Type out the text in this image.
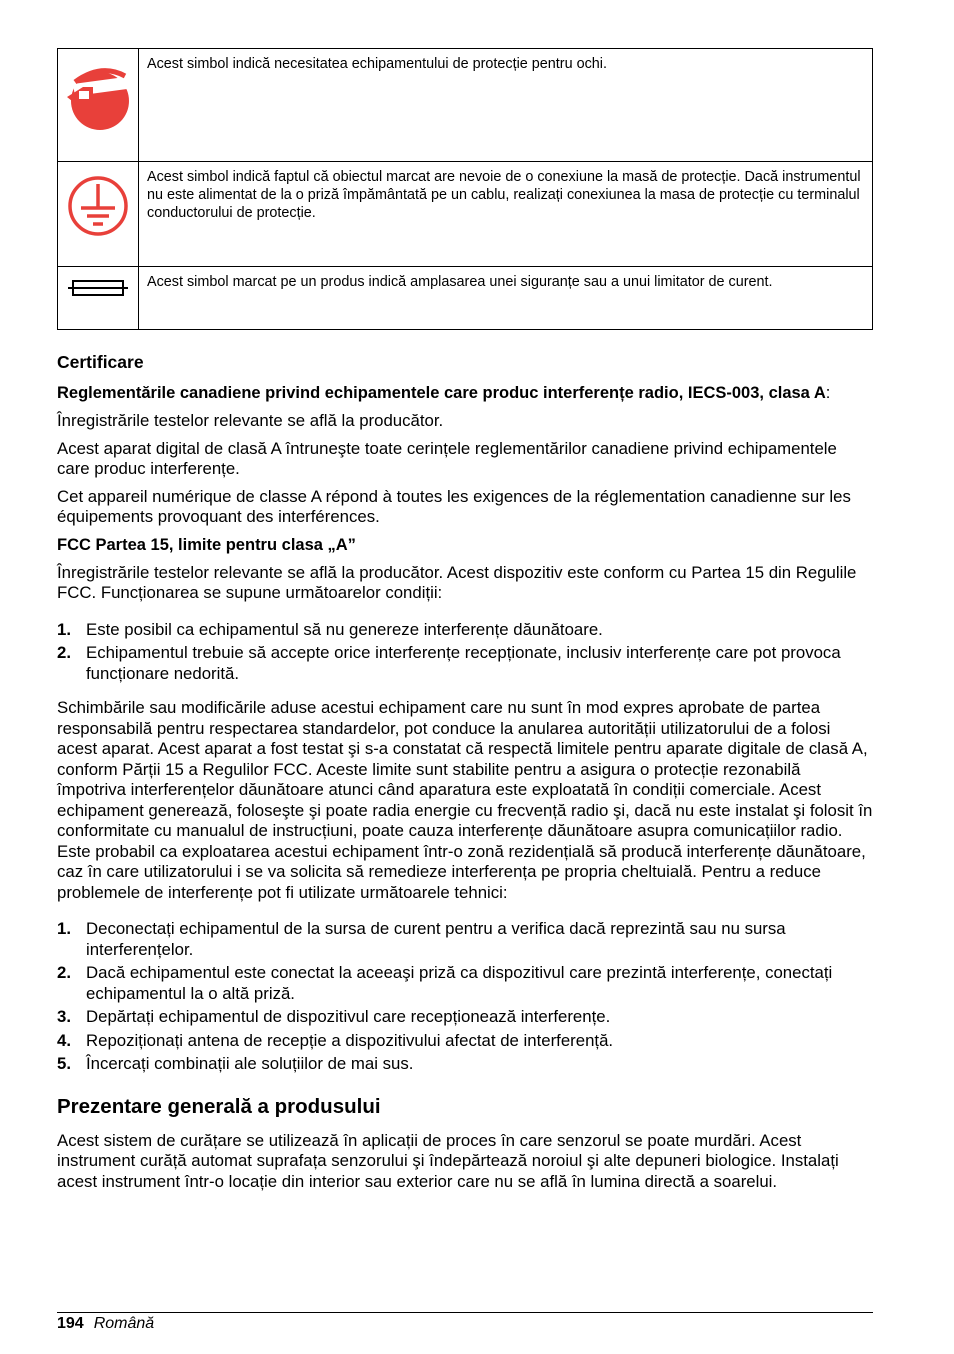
	Acest simbol indică necesitatea echipamentului de protecție pentru ochi.

	Acest simbol indică faptul că obiectul marcat are nevoie de o conexiune la masă de protecție. Dacă instrumentul nu este alimentat de la o priză împământată pe un cablu, realizați conexiunea la masa de protecție cu terminalul conductorului de protecție.

	Acest simbol marcat pe un produs indică amplasarea unei siguranțe sau a unui limitator de curent.
Certificare

Reglementările canadiene privind echipamentele care produc interferențe radio, IECS-003, clasa A:

Înregistrările testelor relevante se află la producător.

Acest aparat digital de clasă A întruneşte toate cerințele reglementărilor canadiene privind echipamentele care produc interferențe.

Cet appareil numérique de classe A répond à toutes les exigences de la réglementation canadienne sur les équipements provoquant des interférences.

FCC Partea 15, limite pentru clasa „A”

Înregistrările testelor relevante se află la producător. Acest dispozitiv este conform cu Partea 15 din Regulile FCC. Funcționarea se supune următoarelor condiții:

1. Este posibil ca echipamentul să nu genereze interferențe dăunătoare.
2. Echipamentul trebuie să accepte orice interferențe recepționate, inclusiv interferențe care pot provoca funcționare nedorită.

Schimbările sau modificările aduse acestui echipament care nu sunt în mod expres aprobate de partea responsabilă pentru respectarea standardelor, pot conduce la anularea autorității utilizatorului de a folosi acest aparat. Acest aparat a fost testat şi s-a constatat că respectă limitele pentru aparate digitale de clasă A, conform Părții 15 a Regulilor FCC. Aceste limite sunt stabilite pentru a asigura o protecție rezonabilă împotriva interferențelor dăunătoare atunci când aparatura este exploatată în condiții comerciale. Acest echipament generează, foloseşte şi poate radia energie cu frecvență radio şi, dacă nu este instalat şi folosit în conformitate cu manualul de instrucțiuni, poate cauza interferențe dăunătoare asupra comunicațiilor radio. Este probabil ca exploatarea acestui echipament într-o zonă rezidențială să producă interferențe dăunătoare, caz în care utilizatorului i se va solicita să remedieze interferența pe propria cheltuială. Pentru a reduce problemele de interferențe pot fi utilizate următoarele tehnici:

1. Deconectați echipamentul de la sursa de curent pentru a verifica dacă reprezintă sau nu sursa interferențelor.
2. Dacă echipamentul este conectat la aceeaşi priză ca dispozitivul care prezintă interferențe, conectați echipamentul la o altă priză.
3. Depărtați echipamentul de dispozitivul care recepționează interferențe.
4. Repoziționați antena de recepție a dispozitivului afectat de interferență.
5. Încercați combinații ale soluțiilor de mai sus.
Prezentare generală a produsului

Acest sistem de curățare se utilizează în aplicații de proces în care senzorul se poate murdări. Acest instrument curăță automat suprafața senzorului şi îndepărtează noroiul şi alte depuneri biologice. Instalați acest instrument într-o locație din interior sau exterior care nu se află în lumina directă a soarelui.

194 Română
